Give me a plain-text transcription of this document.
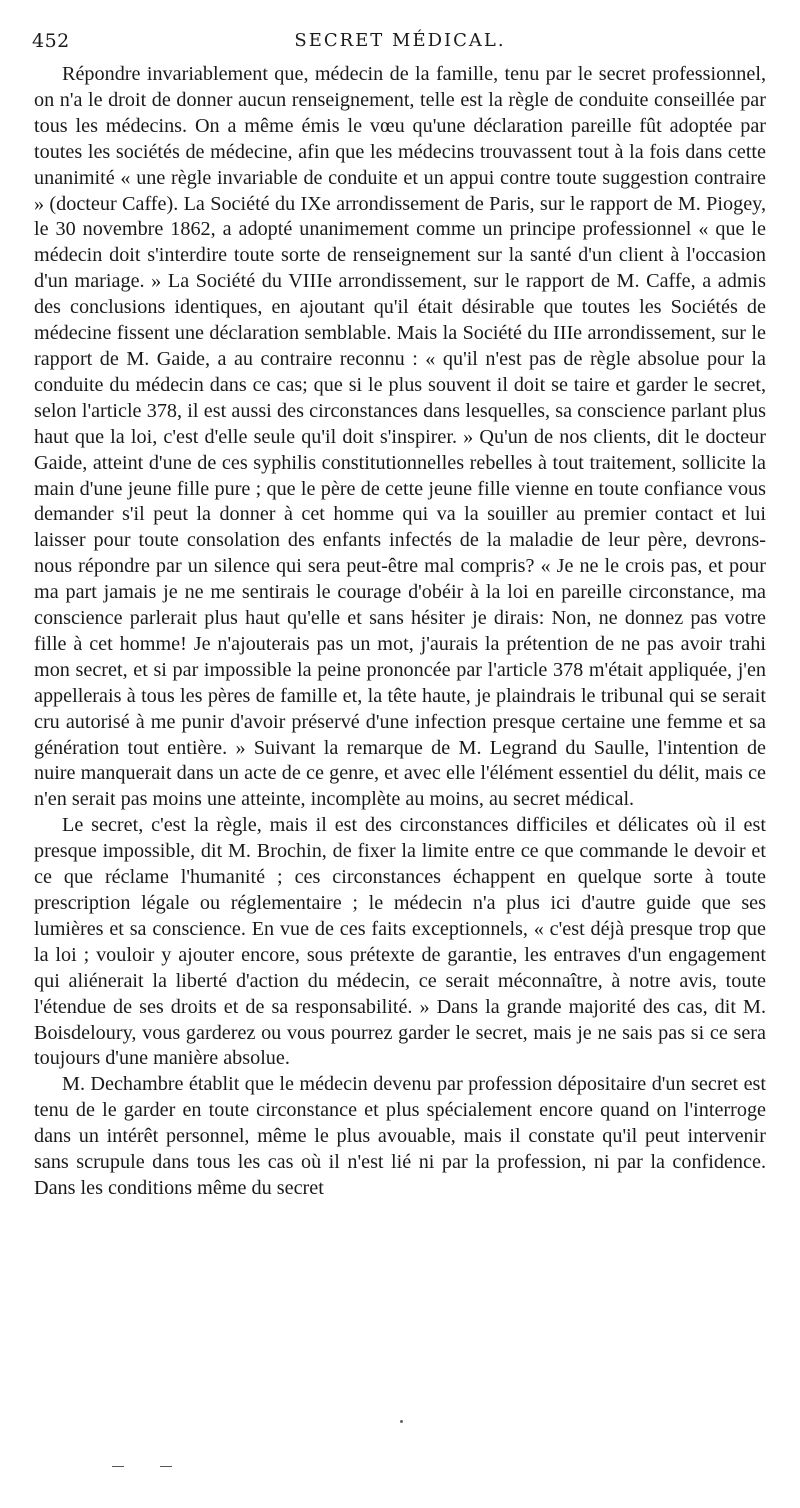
452	SECRET MÉDICAL.

Répondre invariablement que, médecin de la famille, tenu par le secret professionnel, on n'a le droit de donner aucun renseignement, telle est la règle de conduite conseillée par tous les médecins. On a même émis le vœu qu'une déclaration pareille fût adoptée par toutes les sociétés de médecine, afin que les médecins trouvassent tout à la fois dans cette unanimité « une règle invariable de conduite et un appui contre toute suggestion contraire » (docteur Caffe). La Société du IXe arrondissement de Paris, sur le rapport de M. Piogey, le 30 novembre 1862, a adopté unanimement comme un principe professionnel « que le médecin doit s'interdire toute sorte de renseignement sur la santé d'un client à l'occasion d'un mariage. » La Société du VIIIe arrondissement, sur le rapport de M. Caffe, a admis des conclusions identiques, en ajoutant qu'il était désirable que toutes les Sociétés de médecine fissent une déclaration semblable. Mais la Société du IIIe arrondissement, sur le rapport de M. Gaide, a au contraire reconnu : « qu'il n'est pas de règle absolue pour la conduite du médecin dans ce cas; que si le plus souvent il doit se taire et garder le secret, selon l'article 378, il est aussi des circonstances dans lesquelles, sa conscience parlant plus haut que la loi, c'est d'elle seule qu'il doit s'inspirer. » Qu'un de nos clients, dit le docteur Gaide, atteint d'une de ces syphilis constitutionnelles rebelles à tout traitement, sollicite la main d'une jeune fille pure ; que le père de cette jeune fille vienne en toute confiance vous demander s'il peut la donner à cet homme qui va la souiller au premier contact et lui laisser pour toute consolation des enfants infectés de la maladie de leur père, devrons-nous répondre par un silence qui sera peut-être mal compris? « Je ne le crois pas, et pour ma part jamais je ne me sentirais le courage d'obéir à la loi en pareille circonstance, ma conscience parlerait plus haut qu'elle et sans hésiter je dirais: Non, ne donnez pas votre fille à cet homme! Je n'ajouterais pas un mot, j'aurais la prétention de ne pas avoir trahi mon secret, et si par impossible la peine prononcée par l'article 378 m'était appliquée, j'en appellerais à tous les pères de famille et, la tête haute, je plaindrais le tribunal qui se serait cru autorisé à me punir d'avoir préservé d'une infection presque certaine une femme et sa génération tout entière. » Suivant la remarque de M. Legrand du Saulle, l'intention de nuire manquerait dans un acte de ce genre, et avec elle l'élément essentiel du délit, mais ce n'en serait pas moins une atteinte, incomplète au moins, au secret médical.

Le secret, c'est la règle, mais il est des circonstances difficiles et délicates où il est presque impossible, dit M. Brochin, de fixer la limite entre ce que commande le devoir et ce que réclame l'humanité ; ces circonstances échappent en quelque sorte à toute prescription légale ou réglementaire ; le médecin n'a plus ici d'autre guide que ses lumières et sa conscience. En vue de ces faits exceptionnels, « c'est déjà presque trop que la loi ; vouloir y ajouter encore, sous prétexte de garantie, les entraves d'un engagement qui aliénerait la liberté d'action du médecin, ce serait méconnaître, à notre avis, toute l'étendue de ses droits et de sa responsabilité. » Dans la grande majorité des cas, dit M. Boisdeloury, vous garderez ou vous pourrez garder le secret, mais je ne sais pas si ce sera toujours d'une manière absolue.

M. Dechambre établit que le médecin devenu par profession dépositaire d'un secret est tenu de le garder en toute circonstance et plus spécialement encore quand on l'interroge dans un intérêt personnel, même le plus avouable, mais il constate qu'il peut intervenir sans scrupule dans tous les cas où il n'est lié ni par la profession, ni par la confidence. Dans les conditions même du secret
